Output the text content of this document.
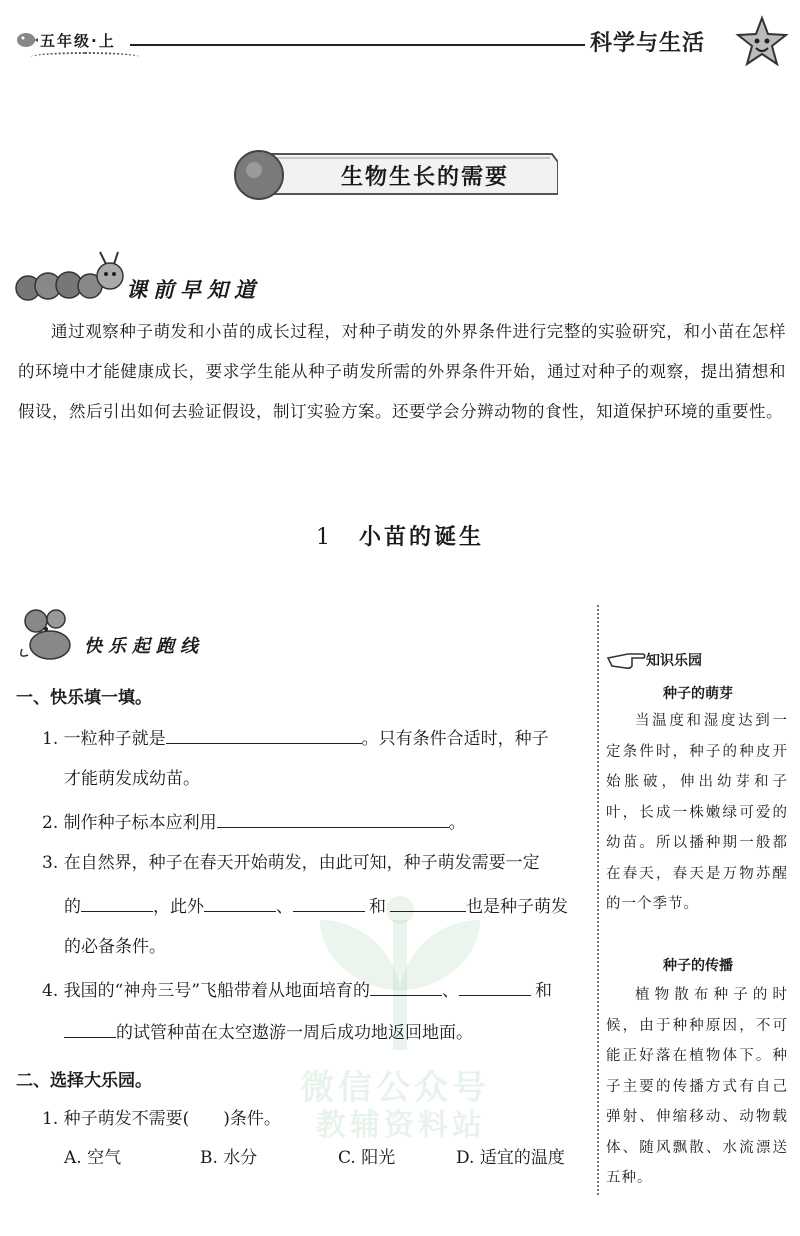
微信公众号
教辅资料站
五年级·上	科学与生活
生物生长的需要
课前早知道
通过观察种子萌发和小苗的成长过程，对种子萌发的外界条件进行完整的实验研究，和小苗在怎样的环境中才能健康成长，要求学生能从种子萌发所需的外界条件开始，通过对种子的观察，提出猜想和假设，然后引出如何去验证假设，制订实验方案。还要学会分辨动物的食性，知道保护环境的重要性。
1 小苗的诞生
快乐起跑线
一、快乐填一填。
1. 一粒种子就是	。只有条件合适时，种子
才能萌发成幼苗。
2. 制作种子标本应利用	。
3. 在自然界，种子在春天开始萌发，由此可知，种子萌发需要一定
的	，此外	、	和	也是种子萌发
的必备条件。
4. 我国的“神舟三号”飞船带着从地面培育的	、	和
的试管种苗在太空遨游一周后成功地返回地面。
二、选择大乐园。
1. 种子萌发不需要( )条件。
A. 空气	B. 水分	C. 阳光	D. 适宜的温度
知识乐园
种子的萌芽
当温度和湿度达到一定条件时，种子的种皮开始胀破，伸出幼芽和子叶，长成一株嫩绿可爱的幼苗。所以播种期一般都在春天，春天是万物苏醒的一个季节。
种子的传播
植物散布种子的时候，由于种种原因，不可能正好落在植物体下。种子主要的传播方式有自己弹射、伸缩移动、动物载体、随风飘散、水流漂送五种。
